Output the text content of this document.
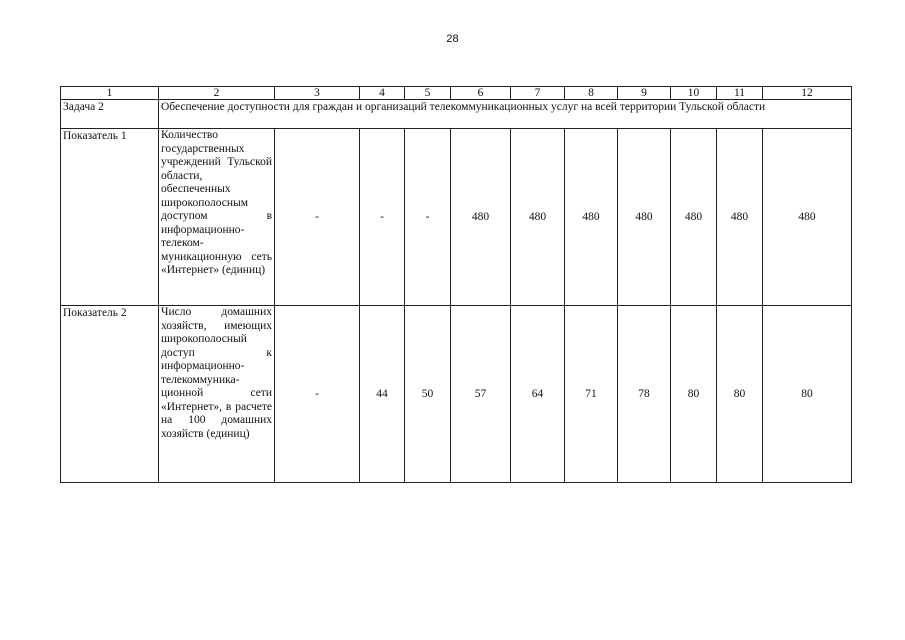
28
1	2	3	4	5	6	7	8	9	10	11	12
Задача 2	Обеспечение доступности для граждан и организаций телекоммуникационных услуг на всей территории Тульской области										
Показатель 1	Количество государственных учреждений Тульской области, обеспеченных широкополосным доступом в информационно-телеком-муникационную сеть «Интернет» (единиц)	-	-	-	480	480	480	480	480	480	480
Показатель 2	Число домашних хозяйств, имеющих широкополосный доступ к информационно-телекоммуника-ционной сети «Интернет», в расчете на 100 домашних хозяйств (единиц)	-	44	50	57	64	71	78	80	80	80
